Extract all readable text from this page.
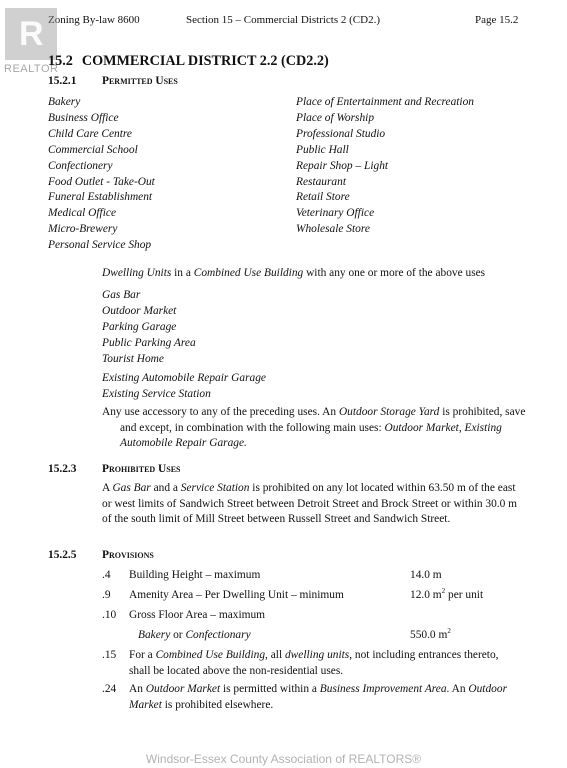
Zoning By-law 8600	Section 15 – Commercial Districts 2 (CD2.)	Page 15.2
R
REALTOR
15.2 COMMERCIAL DISTRICT 2.2 (CD2.2)
15.2.1 Permitted Uses
Bakery
Business Office
Child Care Centre
Commercial School
Confectionery
Food Outlet - Take-Out
Funeral Establishment
Medical Office
Micro-Brewery
Personal Service Shop
Place of Entertainment and Recreation
Place of Worship
Professional Studio
Public Hall
Repair Shop – Light
Restaurant
Retail Store
Veterinary Office
Wholesale Store
Dwelling Units in a Combined Use Building with any one or more of the above uses
Gas Bar
Outdoor Market
Parking Garage
Public Parking Area
Tourist Home
Existing Automobile Repair Garage
Existing Service Station
Any use accessory to any of the preceding uses. An Outdoor Storage Yard is prohibited, save and except, in combination with the following main uses: Outdoor Market, Existing Automobile Repair Garage.
15.2.3 Prohibited Uses
A Gas Bar and a Service Station is prohibited on any lot located within 63.50 m of the east or west limits of Sandwich Street between Detroit Street and Brock Street or within 30.0 m of the south limit of Mill Street between Russell Street and Sandwich Street.
15.2.5 Provisions
.4 Building Height – maximum	14.0 m
.9 Amenity Area – Per Dwelling Unit – minimum	12.0 $m^2$ per unit
.10 Gross Floor Area – maximum
Bakery or Confectionary	550.0 $m^2$
.15 For a Combined Use Building, all dwelling units, not including entrances thereto, shall be located above the non-residential uses.
.24 An Outdoor Market is permitted within a Business Improvement Area. An Outdoor Market is prohibited elsewhere.
Windsor-Essex County Association of REALTORS®
